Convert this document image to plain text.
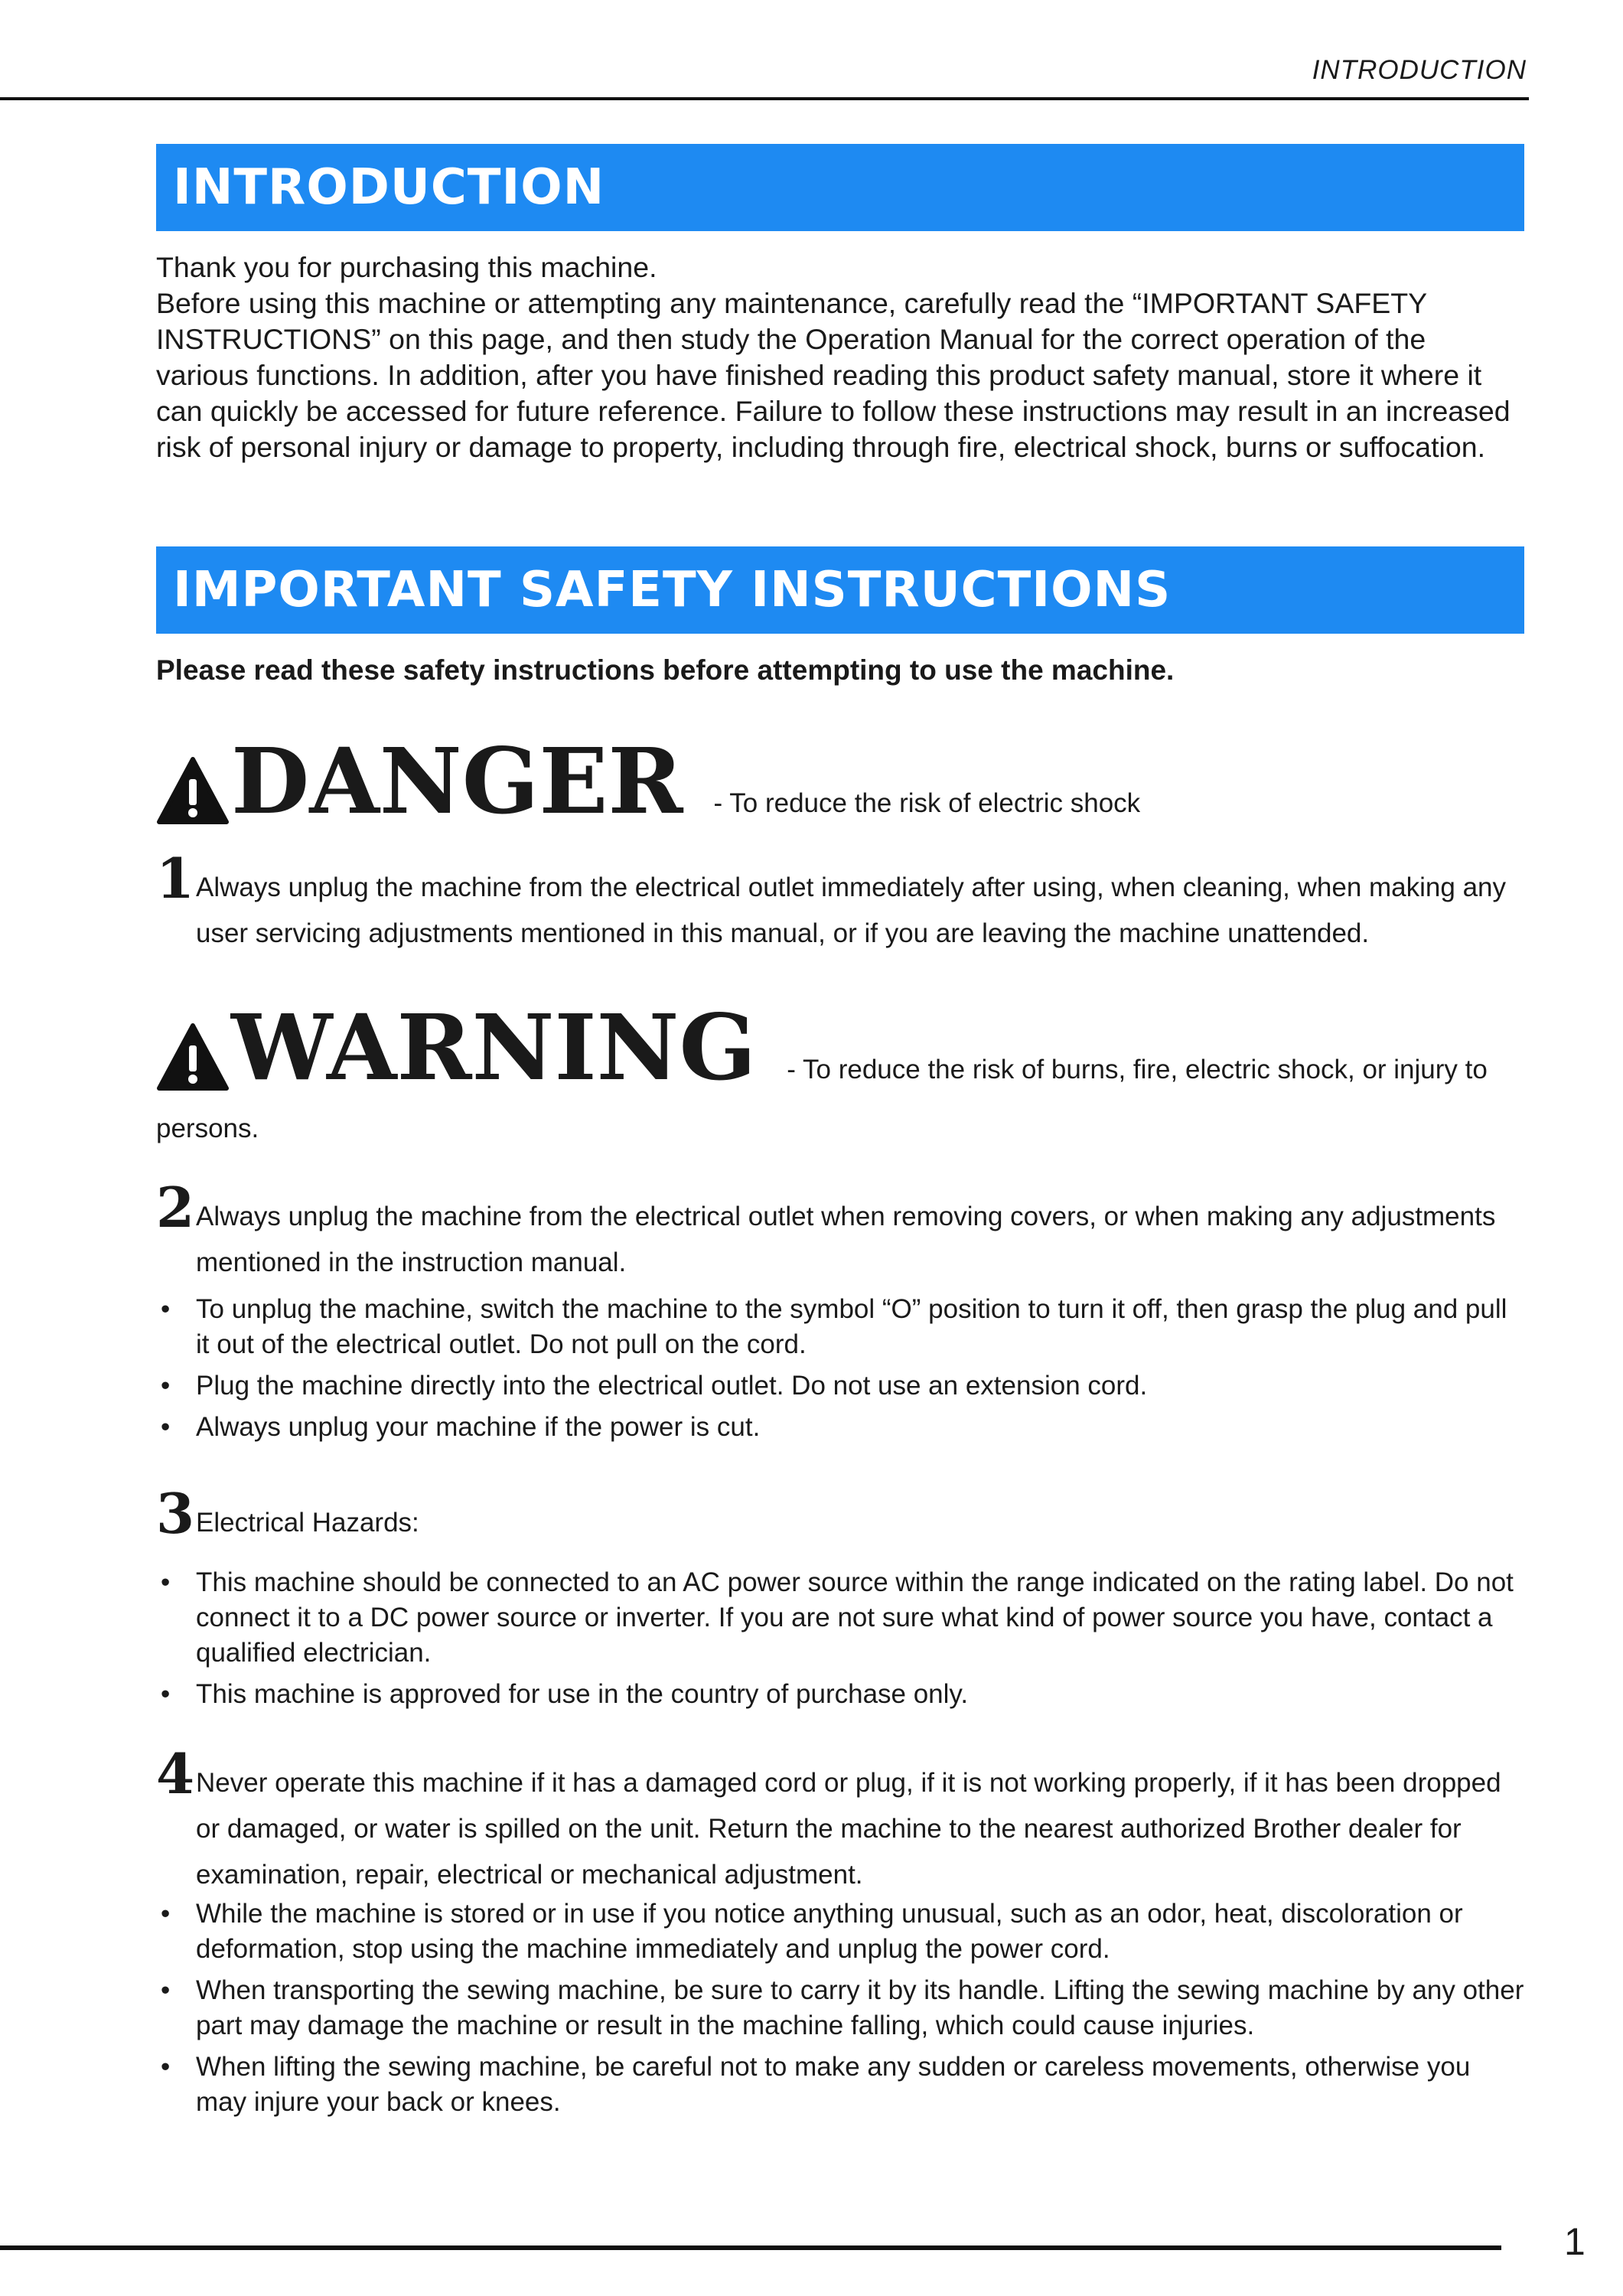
INTRODUCTION
INTRODUCTION

Thank you for purchasing this machine.

Before using this machine or attempting any maintenance, carefully read the “IMPORTANT SAFETY INSTRUCTIONS” on this page, and then study the Operation Manual for the correct operation of the various functions. In addition, after you have finished reading this product safety manual, store it where it can quickly be accessed for future reference. Failure to follow these instructions may result in an increased risk of personal injury or damage to property, including through fire, electrical shock, burns or suffocation.

IMPORTANT SAFETY INSTRUCTIONS
Please read these safety instructions before attempting to use the machine.
DANGER - To reduce the risk of electric shock
1 Always unplug the machine from the electrical outlet immediately after using, when cleaning, when making any user servicing adjustments mentioned in this manual, or if you are leaving the machine unattended.
WARNING - To reduce the risk of burns, fire, electric shock, or injury to
persons.
2 Always unplug the machine from the electrical outlet when removing covers, or when making any adjustments mentioned in the instruction manual.
• To unplug the machine, switch the machine to the symbol “O” position to turn it off, then grasp the plug and pull it out of the electrical outlet. Do not pull on the cord.
• Plug the machine directly into the electrical outlet. Do not use an extension cord.
• Always unplug your machine if the power is cut.
3 Electrical Hazards:
• This machine should be connected to an AC power source within the range indicated on the rating label. Do not connect it to a DC power source or inverter. If you are not sure what kind of power source you have, contact a qualified electrician.
• This machine is approved for use in the country of purchase only.
4 Never operate this machine if it has a damaged cord or plug, if it is not working properly, if it has been dropped or damaged, or water is spilled on the unit. Return the machine to the nearest authorized Brother dealer for examination, repair, electrical or mechanical adjustment.
• While the machine is stored or in use if you notice anything unusual, such as an odor, heat, discoloration or deformation, stop using the machine immediately and unplug the power cord.
• When transporting the sewing machine, be sure to carry it by its handle. Lifting the sewing machine by any other part may damage the machine or result in the machine falling, which could cause injuries.
• When lifting the sewing machine, be careful not to make any sudden or careless movements, otherwise you may injure your back or knees.
1
